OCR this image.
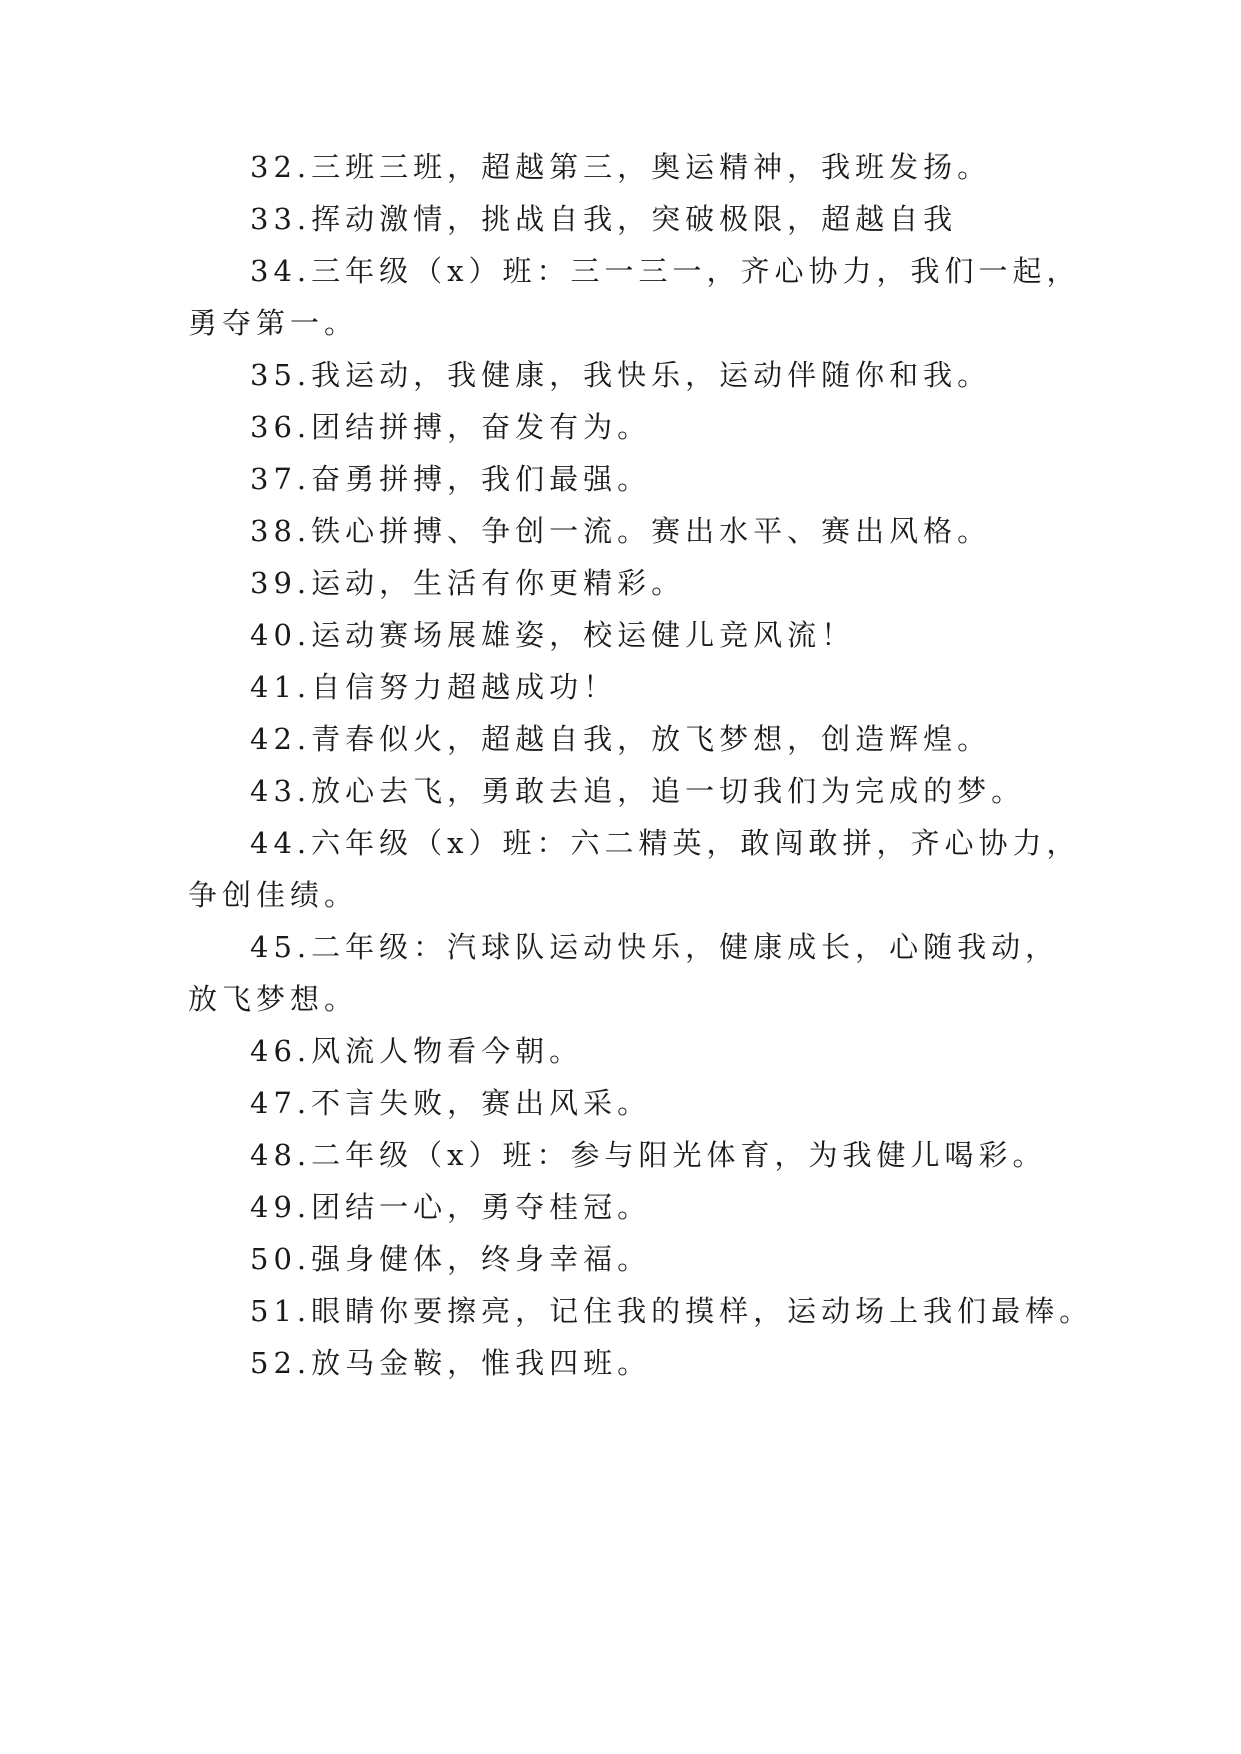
32.三班三班，超越第三，奥运精神，我班发扬。
33.挥动激情，挑战自我，突破极限，超越自我
34.三年级（x）班：三一三一，齐心协力，我们一起，
勇夺第一。
35.我运动，我健康，我快乐，运动伴随你和我。
36.团结拼搏，奋发有为。
37.奋勇拼搏，我们最强。
38.铁心拼搏、争创一流。赛出水平、赛出风格。
39.运动，生活有你更精彩。
40.运动赛场展雄姿，校运健儿竞风流！
41.自信努力超越成功！
42.青春似火，超越自我，放飞梦想，创造辉煌。
43.放心去飞，勇敢去追，追一切我们为完成的梦。
44.六年级（x）班：六二精英，敢闯敢拼，齐心协力，
争创佳绩。
45.二年级：汽球队运动快乐，健康成长，心随我动，
放飞梦想。
46.风流人物看今朝。
47.不言失败，赛出风采。
48.二年级（x）班：参与阳光体育，为我健儿喝彩。
49.团结一心，勇夺桂冠。
50.强身健体，终身幸福。
51.眼睛你要擦亮，记住我的摸样，运动场上我们最棒。
52.放马金鞍，惟我四班。
